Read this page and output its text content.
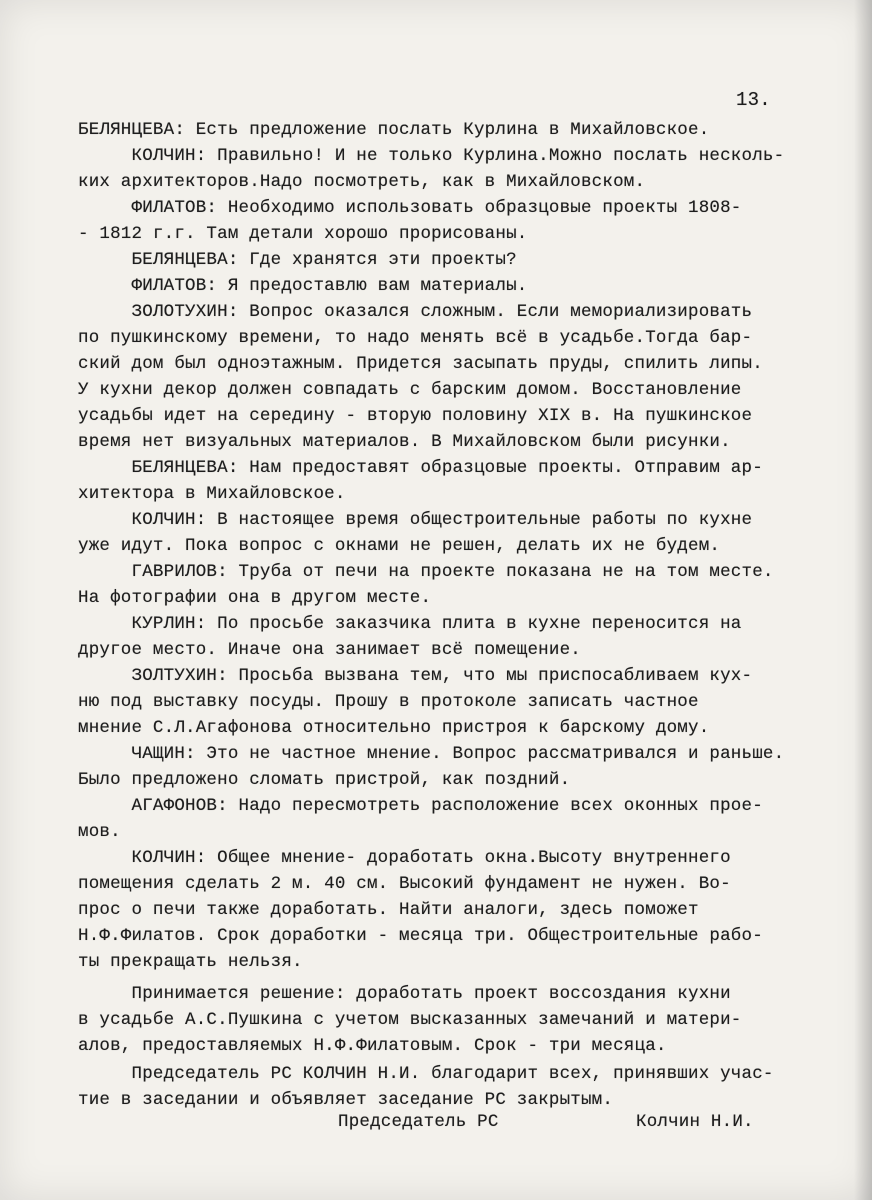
13.
БЕЛЯНЦЕВА: Есть предложение послать Курлина в Михайловское.
КОЛЧИН: Правильно! И не только Курлина.Можно послать несколь-
ких архитекторов.Надо посмотреть, как в Михайловском.
ФИЛАТОВ: Необходимо использовать образцовые проекты 1808-
- 1812 г.г. Там детали хорошо прорисованы.
БЕЛЯНЦЕВА: Где хранятся эти проекты?
ФИЛАТОВ: Я предоставлю вам материалы.
ЗОЛОТУХИН: Вопрос оказался сложным. Если мемориализировать
по пушкинскому времени, то надо менять всё в усадьбе.Тогда бар-
ский дом был одноэтажным. Придется засыпать пруды, спилить липы.
У кухни декор должен совпадать с барским домом. Восстановление
усадьбы идет на середину - вторую половину XIX в. На пушкинское
время нет визуальных материалов. В Михайловском были рисунки.
БЕЛЯНЦЕВА: Нам предоставят образцовые проекты. Отправим ар-
хитектора в Михайловское.
КОЛЧИН: В настоящее время общестроительные работы по кухне
уже идут. Пока вопрос с окнами не решен, делать их не будем.
ГАВРИЛОВ: Труба от печи на проекте показана не на том месте.
На фотографии она в другом месте.
КУРЛИН: По просьбе заказчика плита в кухне переносится на
другое место. Иначе она занимает всё помещение.
ЗОЛТУХИН: Просьба вызвана тем, что мы приспосабливаем кух-
ню под выставку посуды. Прошу в протоколе записать частное
мнение С.Л.Агафонова относительно пристроя к барскому дому.
ЧАЩИН: Это не частное мнение. Вопрос рассматривался и раньше.
Было предложено сломать пристрой, как поздний.
АГАФОНОВ: Надо пересмотреть расположение всех оконных прое-
мов.
КОЛЧИН: Общее мнение- доработать окна.Высоту внутреннего
помещения сделать 2 м. 40 см. Высокий фундамент не нужен. Во-
прос о печи также доработать. Найти аналоги, здесь поможет
Н.Ф.Филатов. Срок доработки - месяца три. Общестроительные рабо-
ты прекращать нельзя.
Принимается решение: доработать проект воссоздания кухни
в усадьбе А.С.Пушкина с учетом высказанных замечаний и матери-
алов, предоставляемых Н.Ф.Филатовым. Срок - три месяца.
Председатель РС КОЛЧИН Н.И. благодарит всех, принявших учас-
тие в заседании и объявляет заседание РС закрытым.
Председатель РС	Колчин Н.И.
